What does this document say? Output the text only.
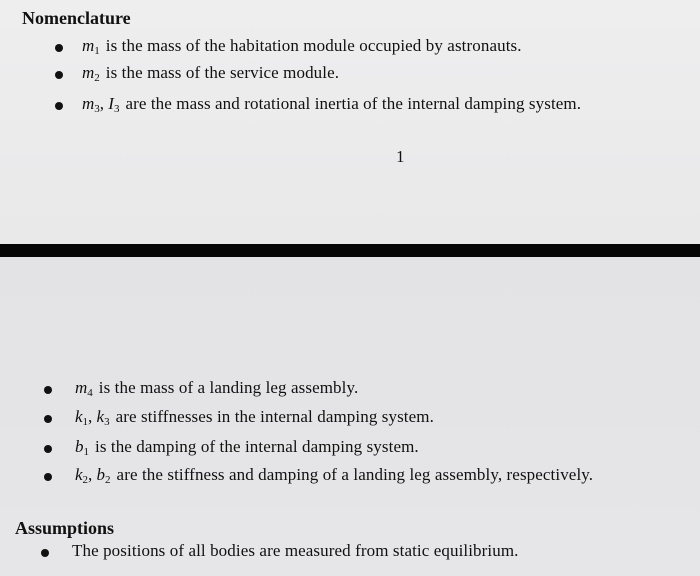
Nomenclature
$m_1$ is the mass of the habitation module occupied by astronauts.
$m_2$ is the mass of the service module.
$m_3$, $I_3$ are the mass and rotational inertia of the internal damping system.
1
$m_4$ is the mass of a landing leg assembly.
$k_1$, $k_3$ are stiffnesses in the internal damping system.
$b_1$ is the damping of the internal damping system.
$k_2$, $b_2$ are the stiffness and damping of a landing leg assembly, respectively.
Assumptions
The positions of all bodies are measured from static equilibrium.
